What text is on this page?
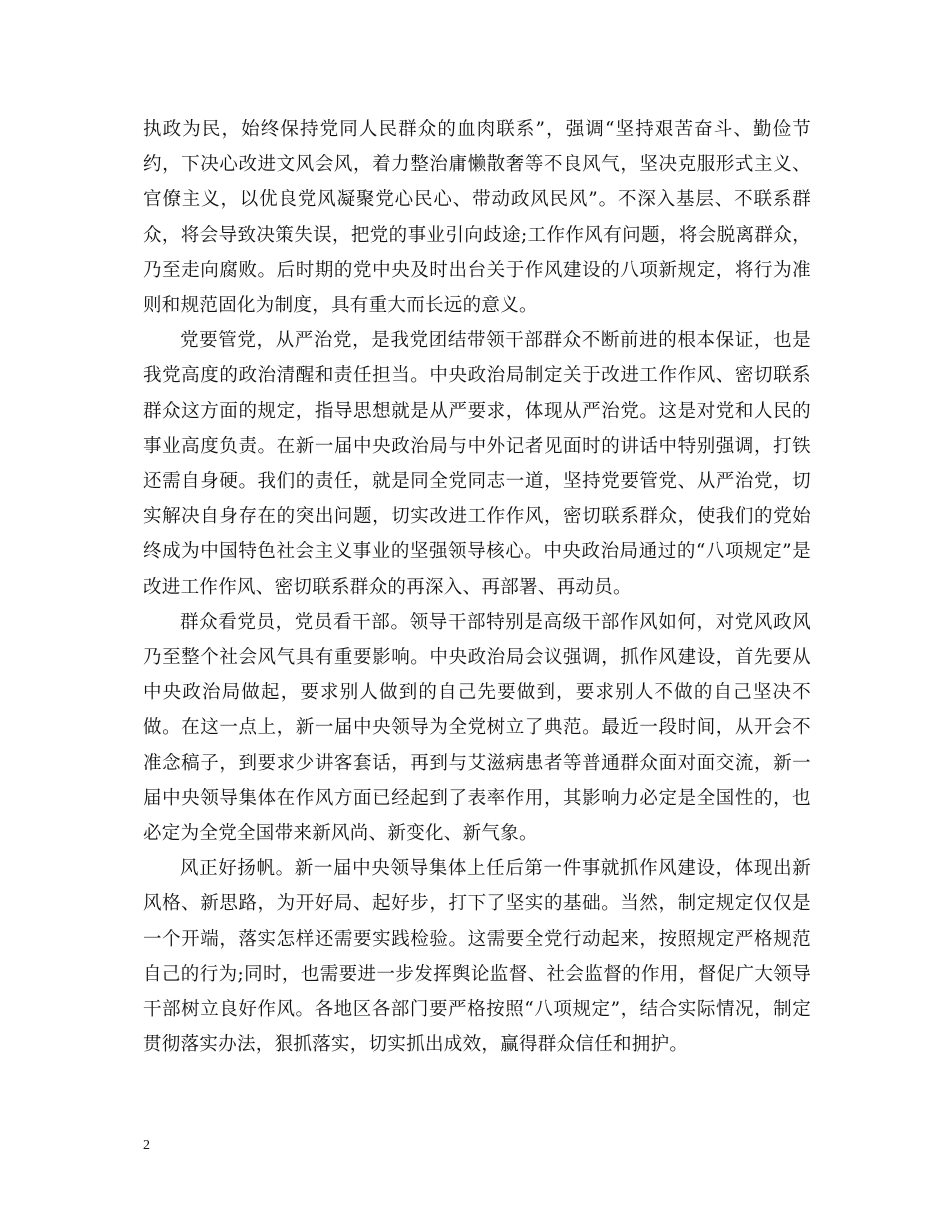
执政为民，始终保持党同人民群众的血肉联系”，强调“坚持艰苦奋斗、勤俭节约，下决心改进文风会风，着力整治庸懒散奢等不良风气，坚决克服形式主义、官僚主义，以优良党风凝聚党心民心、带动政风民风”。不深入基层、不联系群众，将会导致决策失误，把党的事业引向歧途;工作作风有问题，将会脱离群众，乃至走向腐败。后时期的党中央及时出台关于作风建设的八项新规定，将行为准则和规范固化为制度，具有重大而长远的意义。

党要管党，从严治党，是我党团结带领干部群众不断前进的根本保证，也是我党高度的政治清醒和责任担当。中央政治局制定关于改进工作作风、密切联系群众这方面的规定，指导思想就是从严要求，体现从严治党。这是对党和人民的事业高度负责。在新一届中央政治局与中外记者见面时的讲话中特别强调，打铁还需自身硬。我们的责任，就是同全党同志一道，坚持党要管党、从严治党，切实解决自身存在的突出问题，切实改进工作作风，密切联系群众，使我们的党始终成为中国特色社会主义事业的坚强领导核心。中央政治局通过的“八项规定”是改进工作作风、密切联系群众的再深入、再部署、再动员。

群众看党员，党员看干部。领导干部特别是高级干部作风如何，对党风政风乃至整个社会风气具有重要影响。中央政治局会议强调，抓作风建设，首先要从中央政治局做起，要求别人做到的自己先要做到，要求别人不做的自己坚决不做。在这一点上，新一届中央领导为全党树立了典范。最近一段时间，从开会不准念稿子，到要求少讲客套话，再到与艾滋病患者等普通群众面对面交流，新一届中央领导集体在作风方面已经起到了表率作用，其影响力必定是全国性的，也必定为全党全国带来新风尚、新变化、新气象。

风正好扬帆。新一届中央领导集体上任后第一件事就抓作风建设，体现出新风格、新思路，为开好局、起好步，打下了坚实的基础。当然，制定规定仅仅是一个开端，落实怎样还需要实践检验。这需要全党行动起来，按照规定严格规范自己的行为;同时，也需要进一步发挥舆论监督、社会监督的作用，督促广大领导干部树立良好作风。各地区各部门要严格按照“八项规定”，结合实际情况，制定贯彻落实办法，狠抓落实，切实抓出成效，赢得群众信任和拥护。

2
